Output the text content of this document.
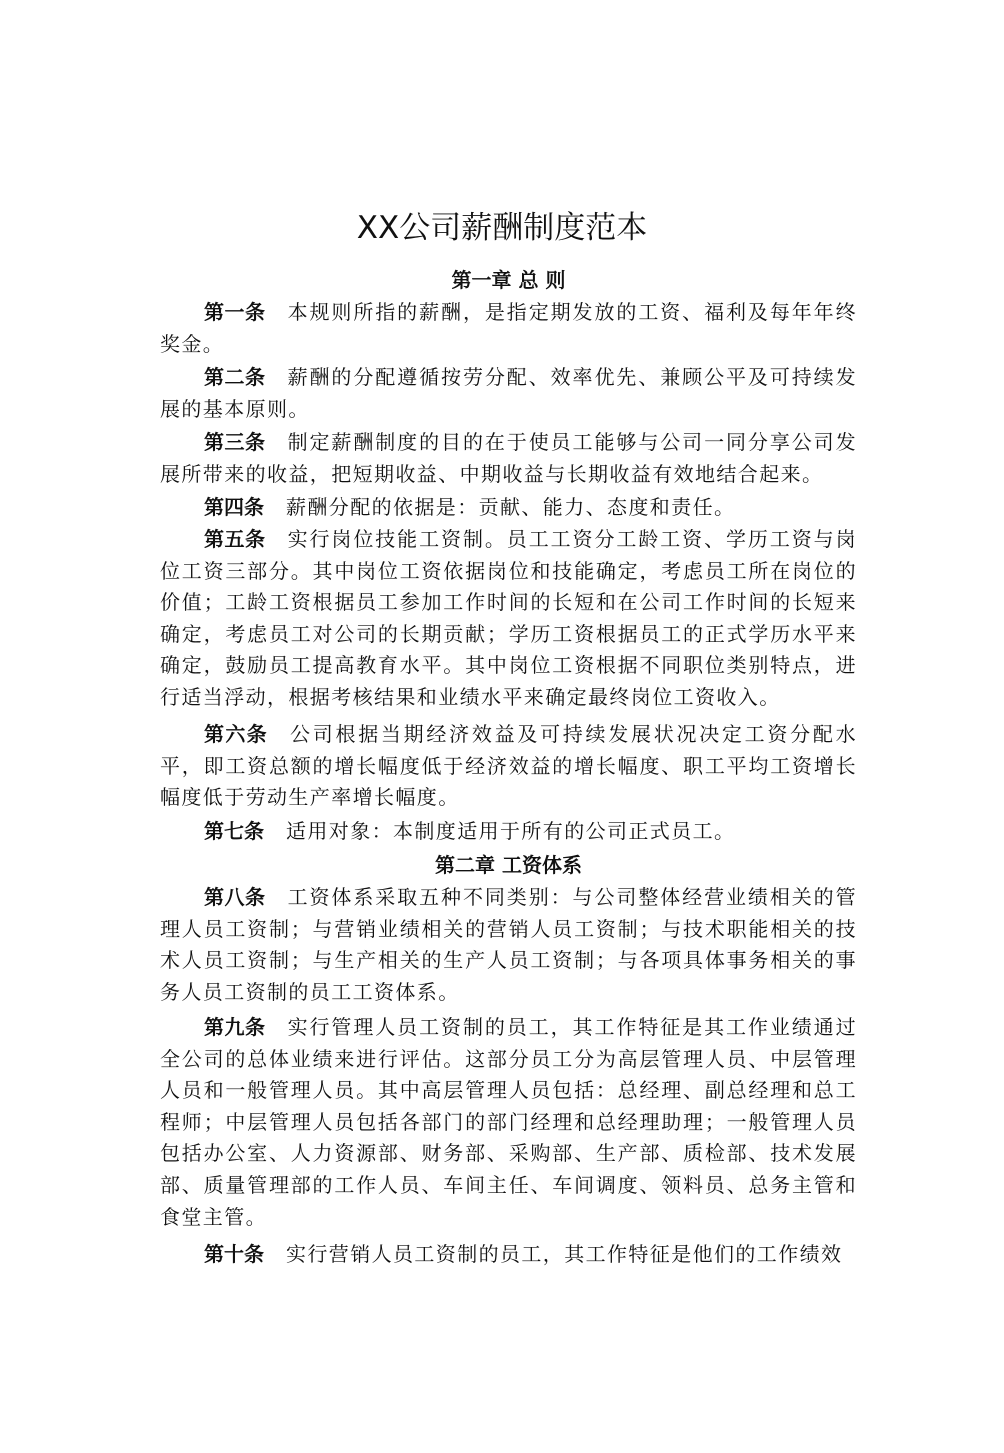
XX公司薪酬制度范本
第一章 总 则

第一条 本规则所指的薪酬，是指定期发放的工资、福利及每年年终奖金。

第二条 薪酬的分配遵循按劳分配、效率优先、兼顾公平及可持续发展的基本原则。

第三条 制定薪酬制度的目的在于使员工能够与公司一同分享公司发展所带来的收益，把短期收益、中期收益与长期收益有效地结合起来。

第四条 薪酬分配的依据是：贡献、能力、态度和责任。

第五条 实行岗位技能工资制。员工工资分工龄工资、学历工资与岗位工资三部分。其中岗位工资依据岗位和技能确定，考虑员工所在岗位的价值；工龄工资根据员工参加工作时间的长短和在公司工作时间的长短来确定，考虑员工对公司的长期贡献；学历工资根据员工的正式学历水平来确定，鼓励员工提高教育水平。其中岗位工资根据不同职位类别特点，进行适当浮动，根据考核结果和业绩水平来确定最终岗位工资收入。

第六条 公司根据当期经济效益及可持续发展状况决定工资分配水平，即工资总额的增长幅度低于经济效益的增长幅度、职工平均工资增长幅度低于劳动生产率增长幅度。

第七条 适用对象：本制度适用于所有的公司正式员工。

第二章 工资体系

第八条 工资体系采取五种不同类别：与公司整体经营业绩相关的管理人员工资制；与营销业绩相关的营销人员工资制；与技术职能相关的技术人员工资制；与生产相关的生产人员工资制；与各项具体事务相关的事务人员工资制的员工工资体系。

第九条 实行管理人员工资制的员工，其工作特征是其工作业绩通过全公司的总体业绩来进行评估。这部分员工分为高层管理人员、中层管理人员和一般管理人员。其中高层管理人员包括：总经理、副总经理和总工程师；中层管理人员包括各部门的部门经理和总经理助理；一般管理人员包括办公室、人力资源部、财务部、采购部、生产部、质检部、技术发展部、质量管理部的工作人员、车间主任、车间调度、领料员、总务主管和食堂主管。

第十条 实行营销人员工资制的员工，其工作特征是他们的工作绩效
